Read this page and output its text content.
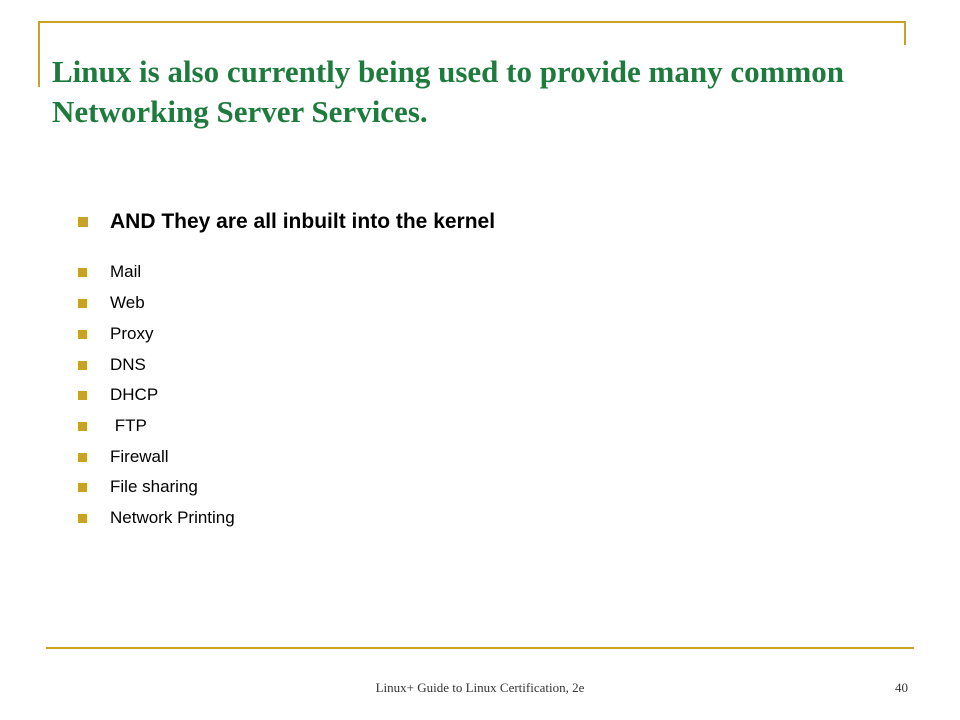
Linux is also currently being used to provide many common Networking Server Services.
AND They are all inbuilt into the kernel
Mail
Web
Proxy
DNS
DHCP
FTP
Firewall
File sharing
Network Printing
Linux+ Guide to Linux Certification, 2e	40
